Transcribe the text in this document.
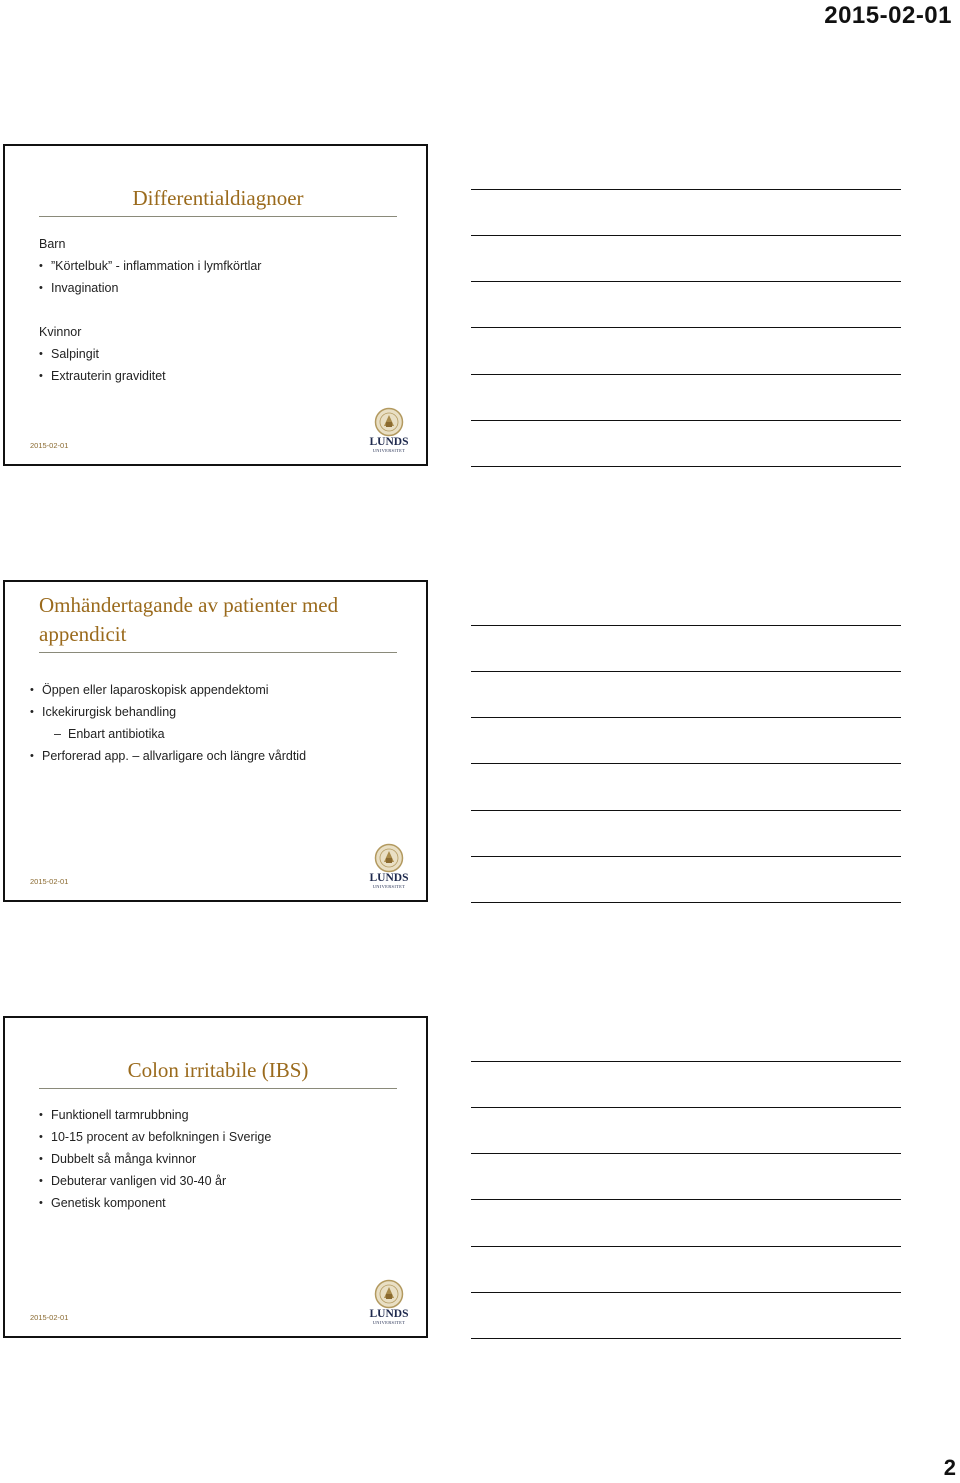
2015-02-01
Differentialdiagnoer
Barn
• ”Körtelbuk” - inflammation i lymfkörtlar
• Invagination
Kvinnor
• Salpingit
• Extrauterin graviditet
2015-02-01	LUNDS
UNIVERSITET
Omhändertagande av patienter med
appendicit
• Öppen eller laparoskopisk appendektomi
• Ickekirurgisk behandling
– Enbart antibiotika
• Perforerad app. – allvarligare och längre vårdtid
2015-02-01	LUNDS
UNIVERSITET
Colon irritabile (IBS)
• Funktionell tarmrubbning
• 10-15 procent av befolkningen i Sverige
• Dubbelt så många kvinnor
• Debuterar vanligen vid 30-40 år
• Genetisk komponent
2015-02-01	LUNDS
UNIVERSITET
2
